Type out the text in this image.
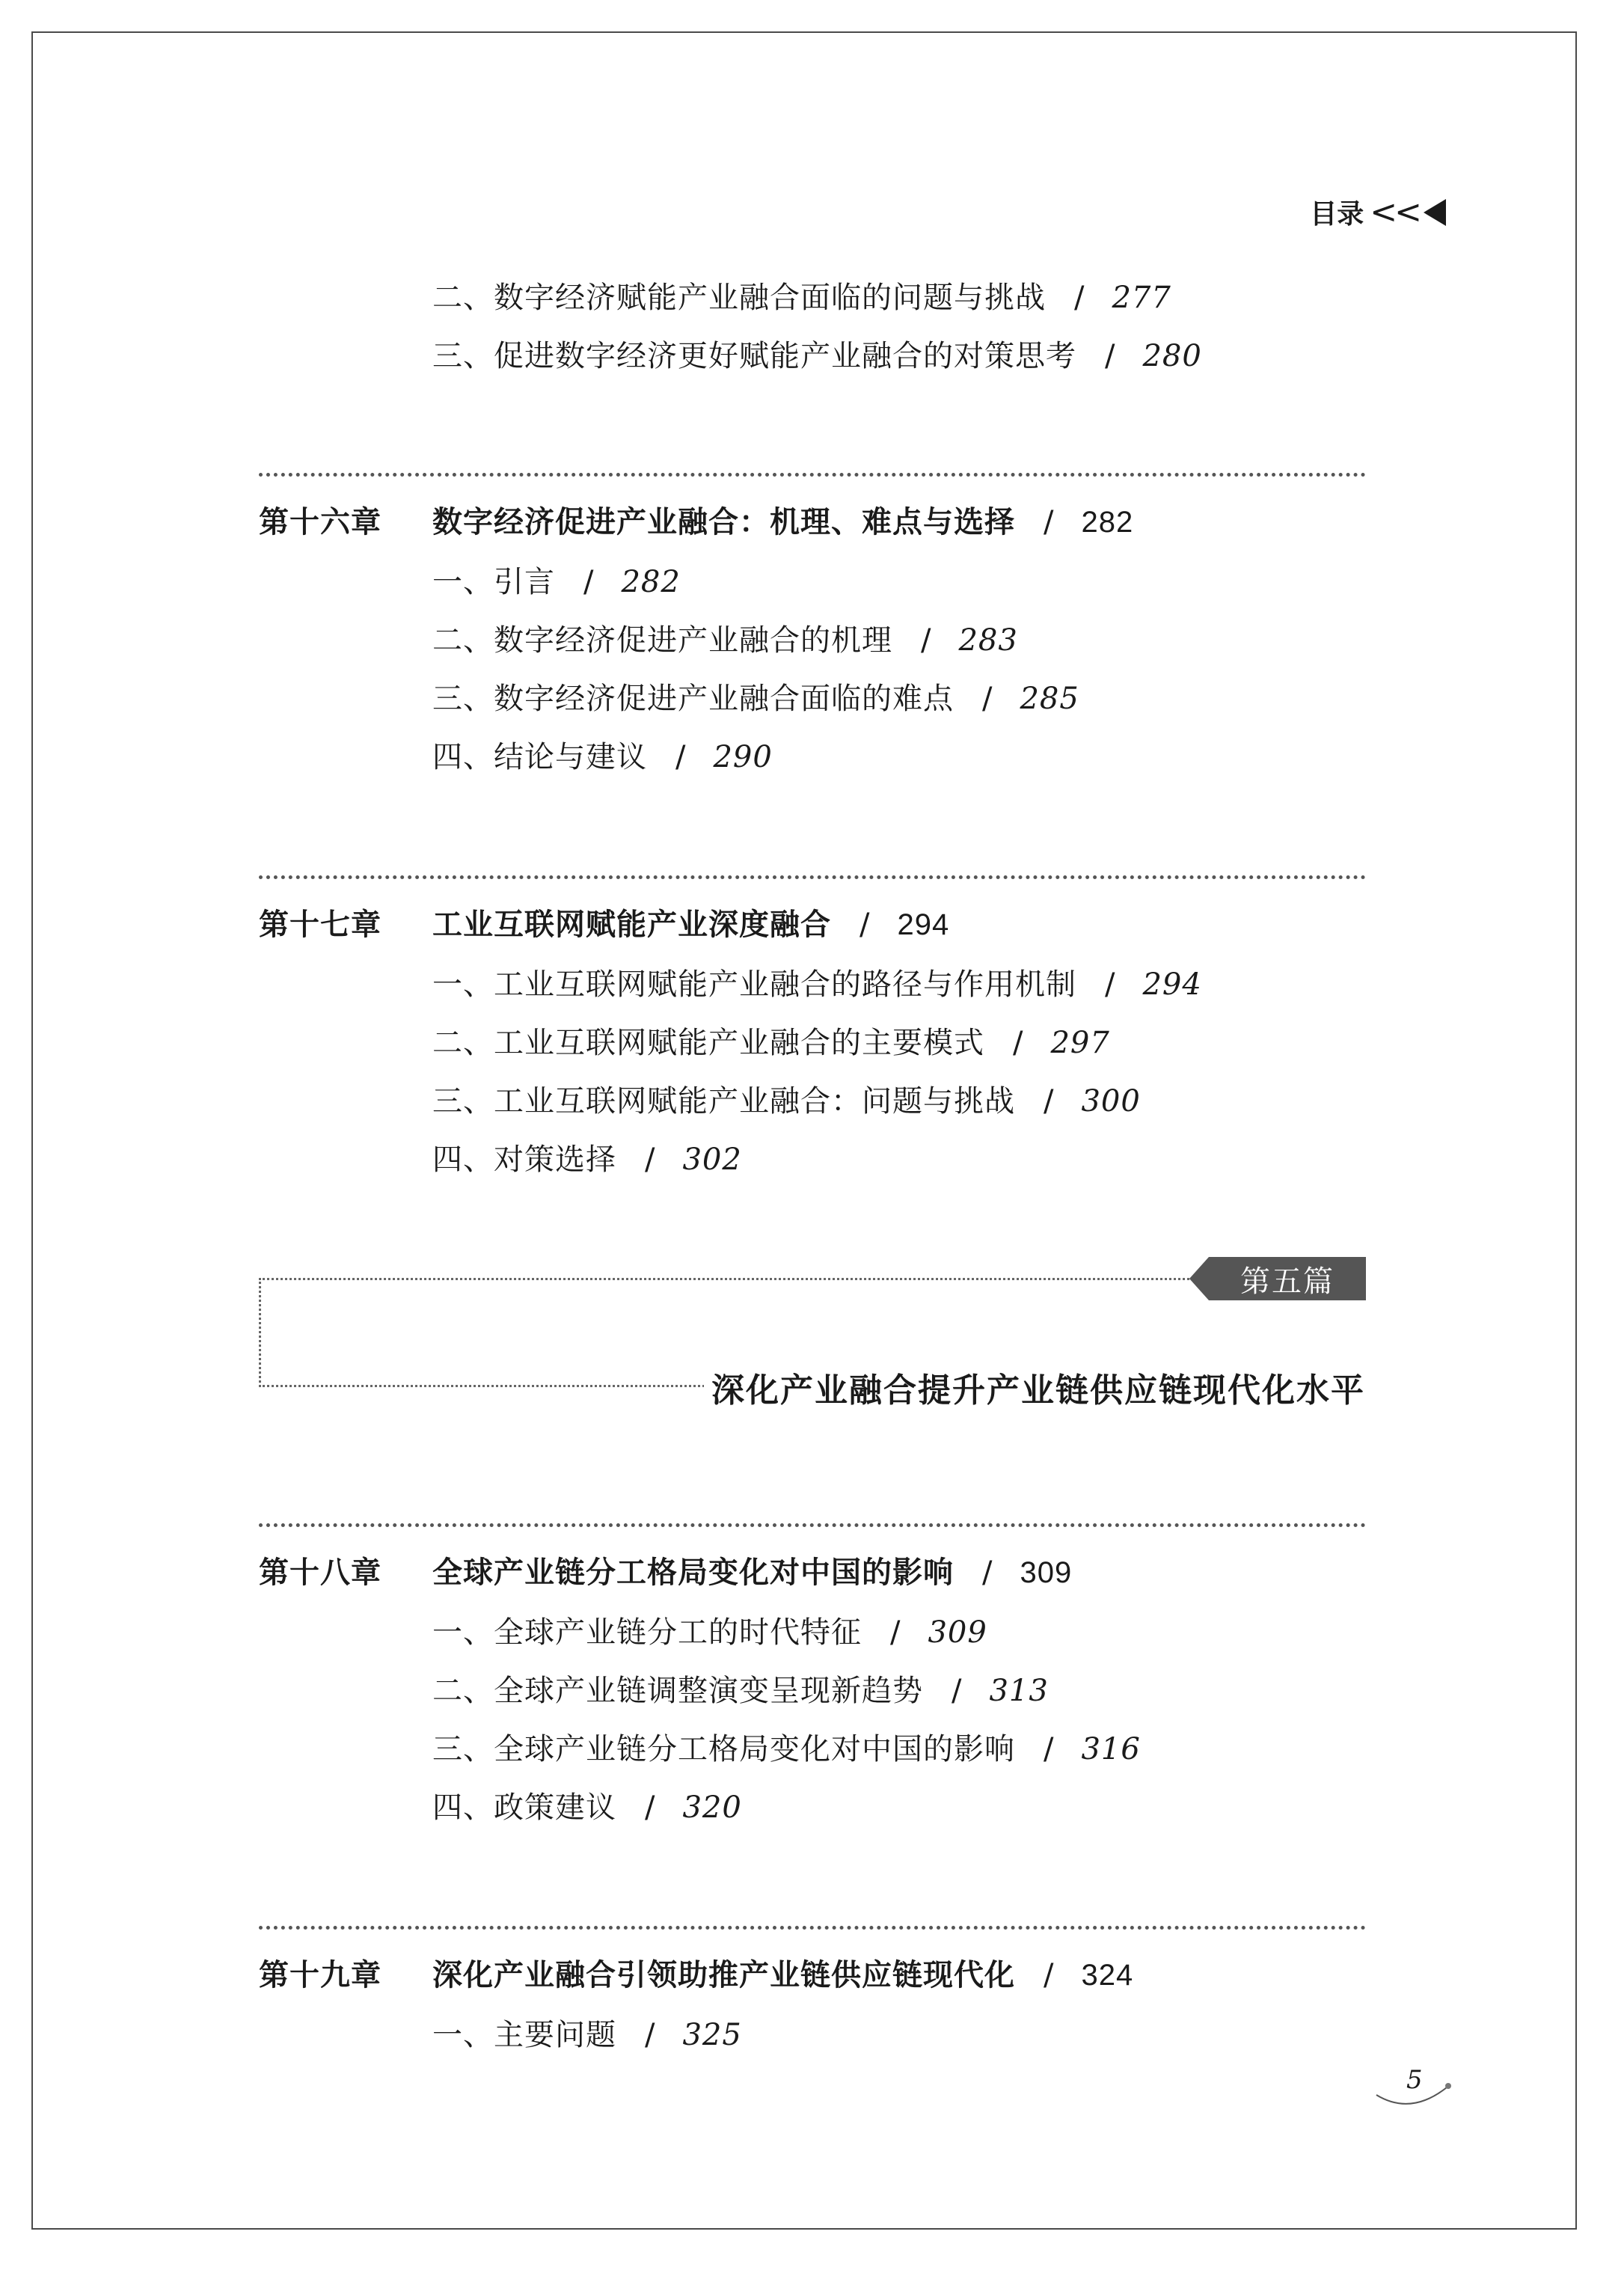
目录 <<
二、数字经济赋能产业融合面临的问题与挑战 / 277
三、促进数字经济更好赋能产业融合的对策思考 / 280
第十六章 数字经济促进产业融合：机理、难点与选择 / 282
一、引言 / 282
二、数字经济促进产业融合的机理 / 283
三、数字经济促进产业融合面临的难点 / 285
四、结论与建议 / 290
第十七章 工业互联网赋能产业深度融合 / 294
一、工业互联网赋能产业融合的路径与作用机制 / 294
二、工业互联网赋能产业融合的主要模式 / 297
三、工业互联网赋能产业融合：问题与挑战 / 300
四、对策选择 / 302
第五篇
深化产业融合提升产业链供应链现代化水平
第十八章 全球产业链分工格局变化对中国的影响 / 309
一、全球产业链分工的时代特征 / 309
二、全球产业链调整演变呈现新趋势 / 313
三、全球产业链分工格局变化对中国的影响 / 316
四、政策建议 / 320
第十九章 深化产业融合引领助推产业链供应链现代化 / 324
一、主要问题 / 325
5
